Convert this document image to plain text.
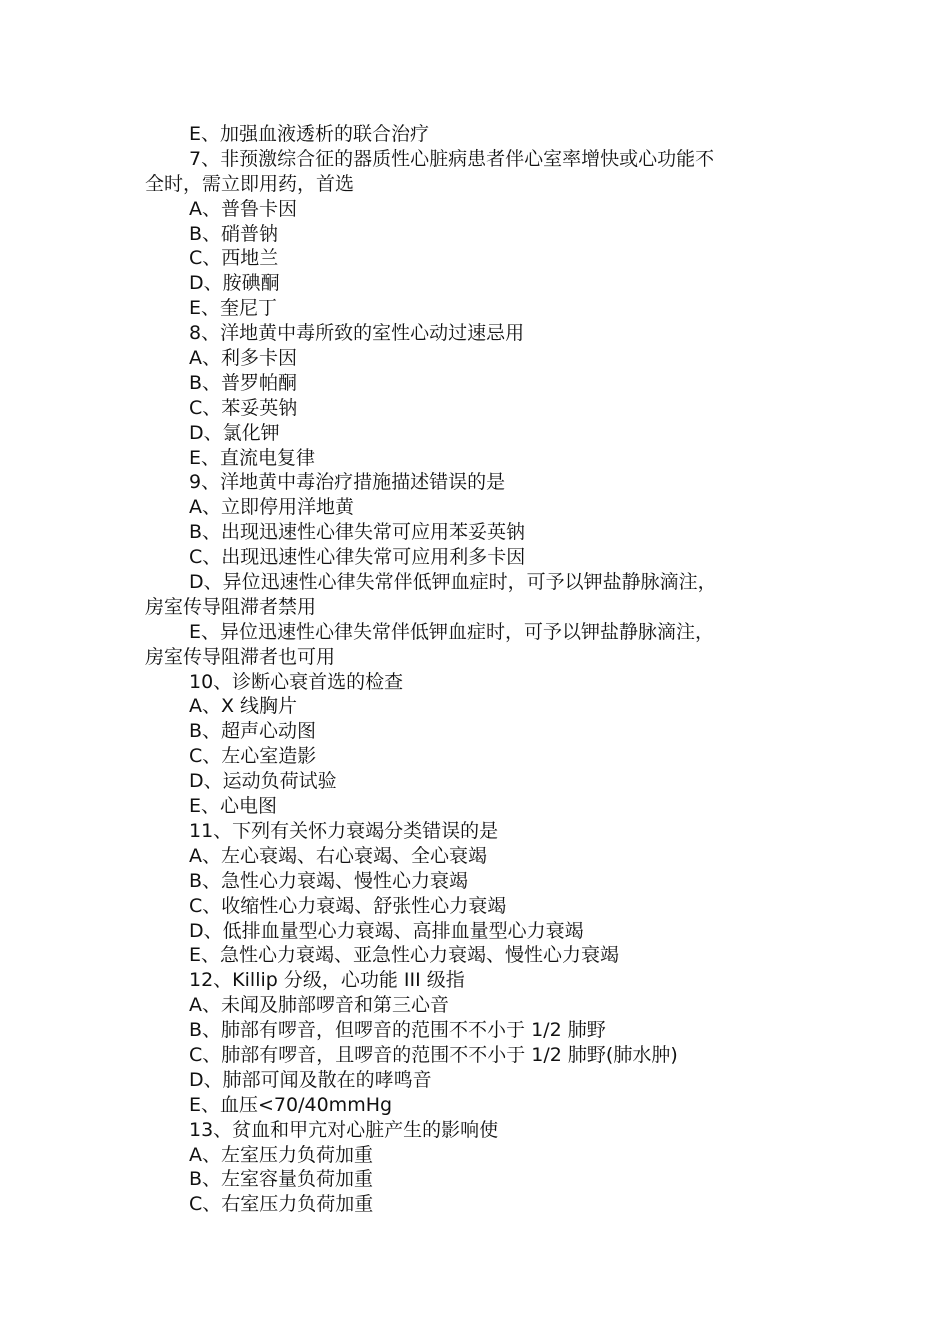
E、加强血液透析的联合治疗
7、非预激综合征的器质性心脏病患者伴心室率增快或心功能不
全时，需立即用药，首选
A、普鲁卡因
B、硝普钠
C、西地兰
D、胺碘酮
E、奎尼丁
8、洋地黄中毒所致的室性心动过速忌用
A、利多卡因
B、普罗帕酮
C、苯妥英钠
D、氯化钾
E、直流电复律
9、洋地黄中毒治疗措施描述错误的是
A、立即停用洋地黄
B、出现迅速性心律失常可应用苯妥英钠
C、出现迅速性心律失常可应用利多卡因
D、异位迅速性心律失常伴低钾血症时，可予以钾盐静脉滴注，
房室传导阻滞者禁用
E、异位迅速性心律失常伴低钾血症时，可予以钾盐静脉滴注，
房室传导阻滞者也可用
10、诊断心衰首选的检查
A、X 线胸片
B、超声心动图
C、左心室造影
D、运动负荷试验
E、心电图
11、下列有关怀力衰竭分类错误的是
A、左心衰竭、右心衰竭、全心衰竭
B、急性心力衰竭、慢性心力衰竭
C、收缩性心力衰竭、舒张性心力衰竭
D、低排血量型心力衰竭、高排血量型心力衰竭
E、急性心力衰竭、亚急性心力衰竭、慢性心力衰竭
12、Killip 分级，心功能 III 级指
A、未闻及肺部啰音和第三心音
B、肺部有啰音，但啰音的范围不不小于 1/2 肺野
C、肺部有啰音，且啰音的范围不不小于 1/2 肺野(肺水肿)
D、肺部可闻及散在的哮鸣音
E、血压<70/40mmHg
13、贫血和甲亢对心脏产生的影响使
A、左室压力负荷加重
B、左室容量负荷加重
C、右室压力负荷加重
